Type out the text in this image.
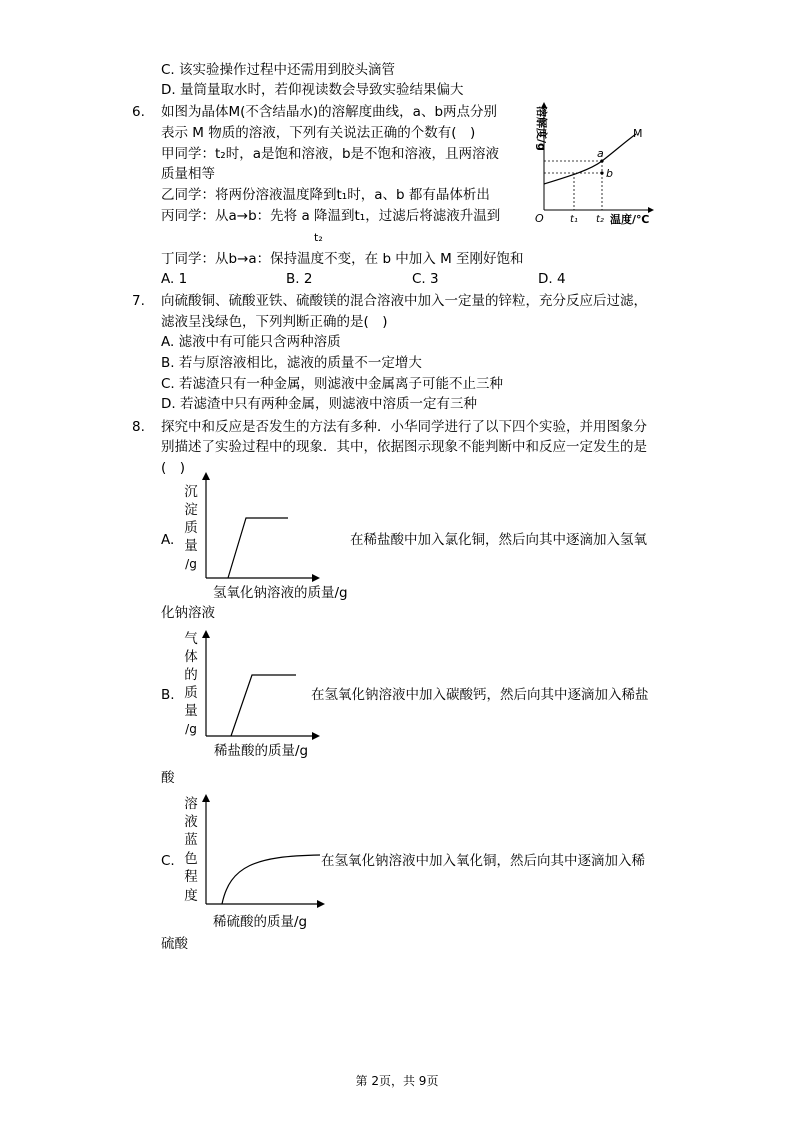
C. 该实验操作过程中还需用到胶头滴管
D. 量筒量取水时，若仰视读数会导致实验结果偏大
6. 如图为晶体M(不含结晶水)的溶解度曲线，a、b两点分别
表示 M 物质的溶液，下列有关说法正确的个数有(　)
甲同学：t₂时，a是饱和溶液，b是不饱和溶液，且两溶液
质量相等
乙同学：将两份溶液温度降到t₁时，a、b 都有晶体析出
丙同学：从a→b：先将 a 降温到t₁，过滤后将滤液升温到
t₂
丁同学：从b→a：保持温度不变，在 b 中加入 M 至刚好饱和
A. 1	B. 2	C. 3	D. 4
溶解度/g
O	t₁ t₂ 温度/℃
M
a
b
7. 向硫酸铜、硫酸亚铁、硫酸镁的混合溶液中加入一定量的锌粒，充分反应后过滤，
滤液呈浅绿色，下列判断正确的是(　)
A. 滤液中有可能只含两种溶质
B. 若与原溶液相比，滤液的质量不一定增大
C. 若滤渣只有一种金属，则滤液中金属离子可能不止三种
D. 若滤渣中只有两种金属，则滤液中溶质一定有三种
8. 探究中和反应是否发生的方法有多种．小华同学进行了以下四个实验，并用图象分
别描述了实验过程中的现象．其中，依据图示现象不能判断中和反应一定发生的是
(　)
A.
沉
淀
质
量
/g
氢氧化钠溶液的质量/g
在稀盐酸中加入氯化铜，然后向其中逐滴加入氢氧
化钠溶液
B.
气
体
的
质
量
/g
稀盐酸的质量/g
在氢氧化钠溶液中加入碳酸钙，然后向其中逐滴加入稀盐
酸
C.
溶
液
蓝
色
程
度
稀硫酸的质量/g
在氢氧化钠溶液中加入氧化铜，然后向其中逐滴加入稀
硫酸
第 2页，共 9页
